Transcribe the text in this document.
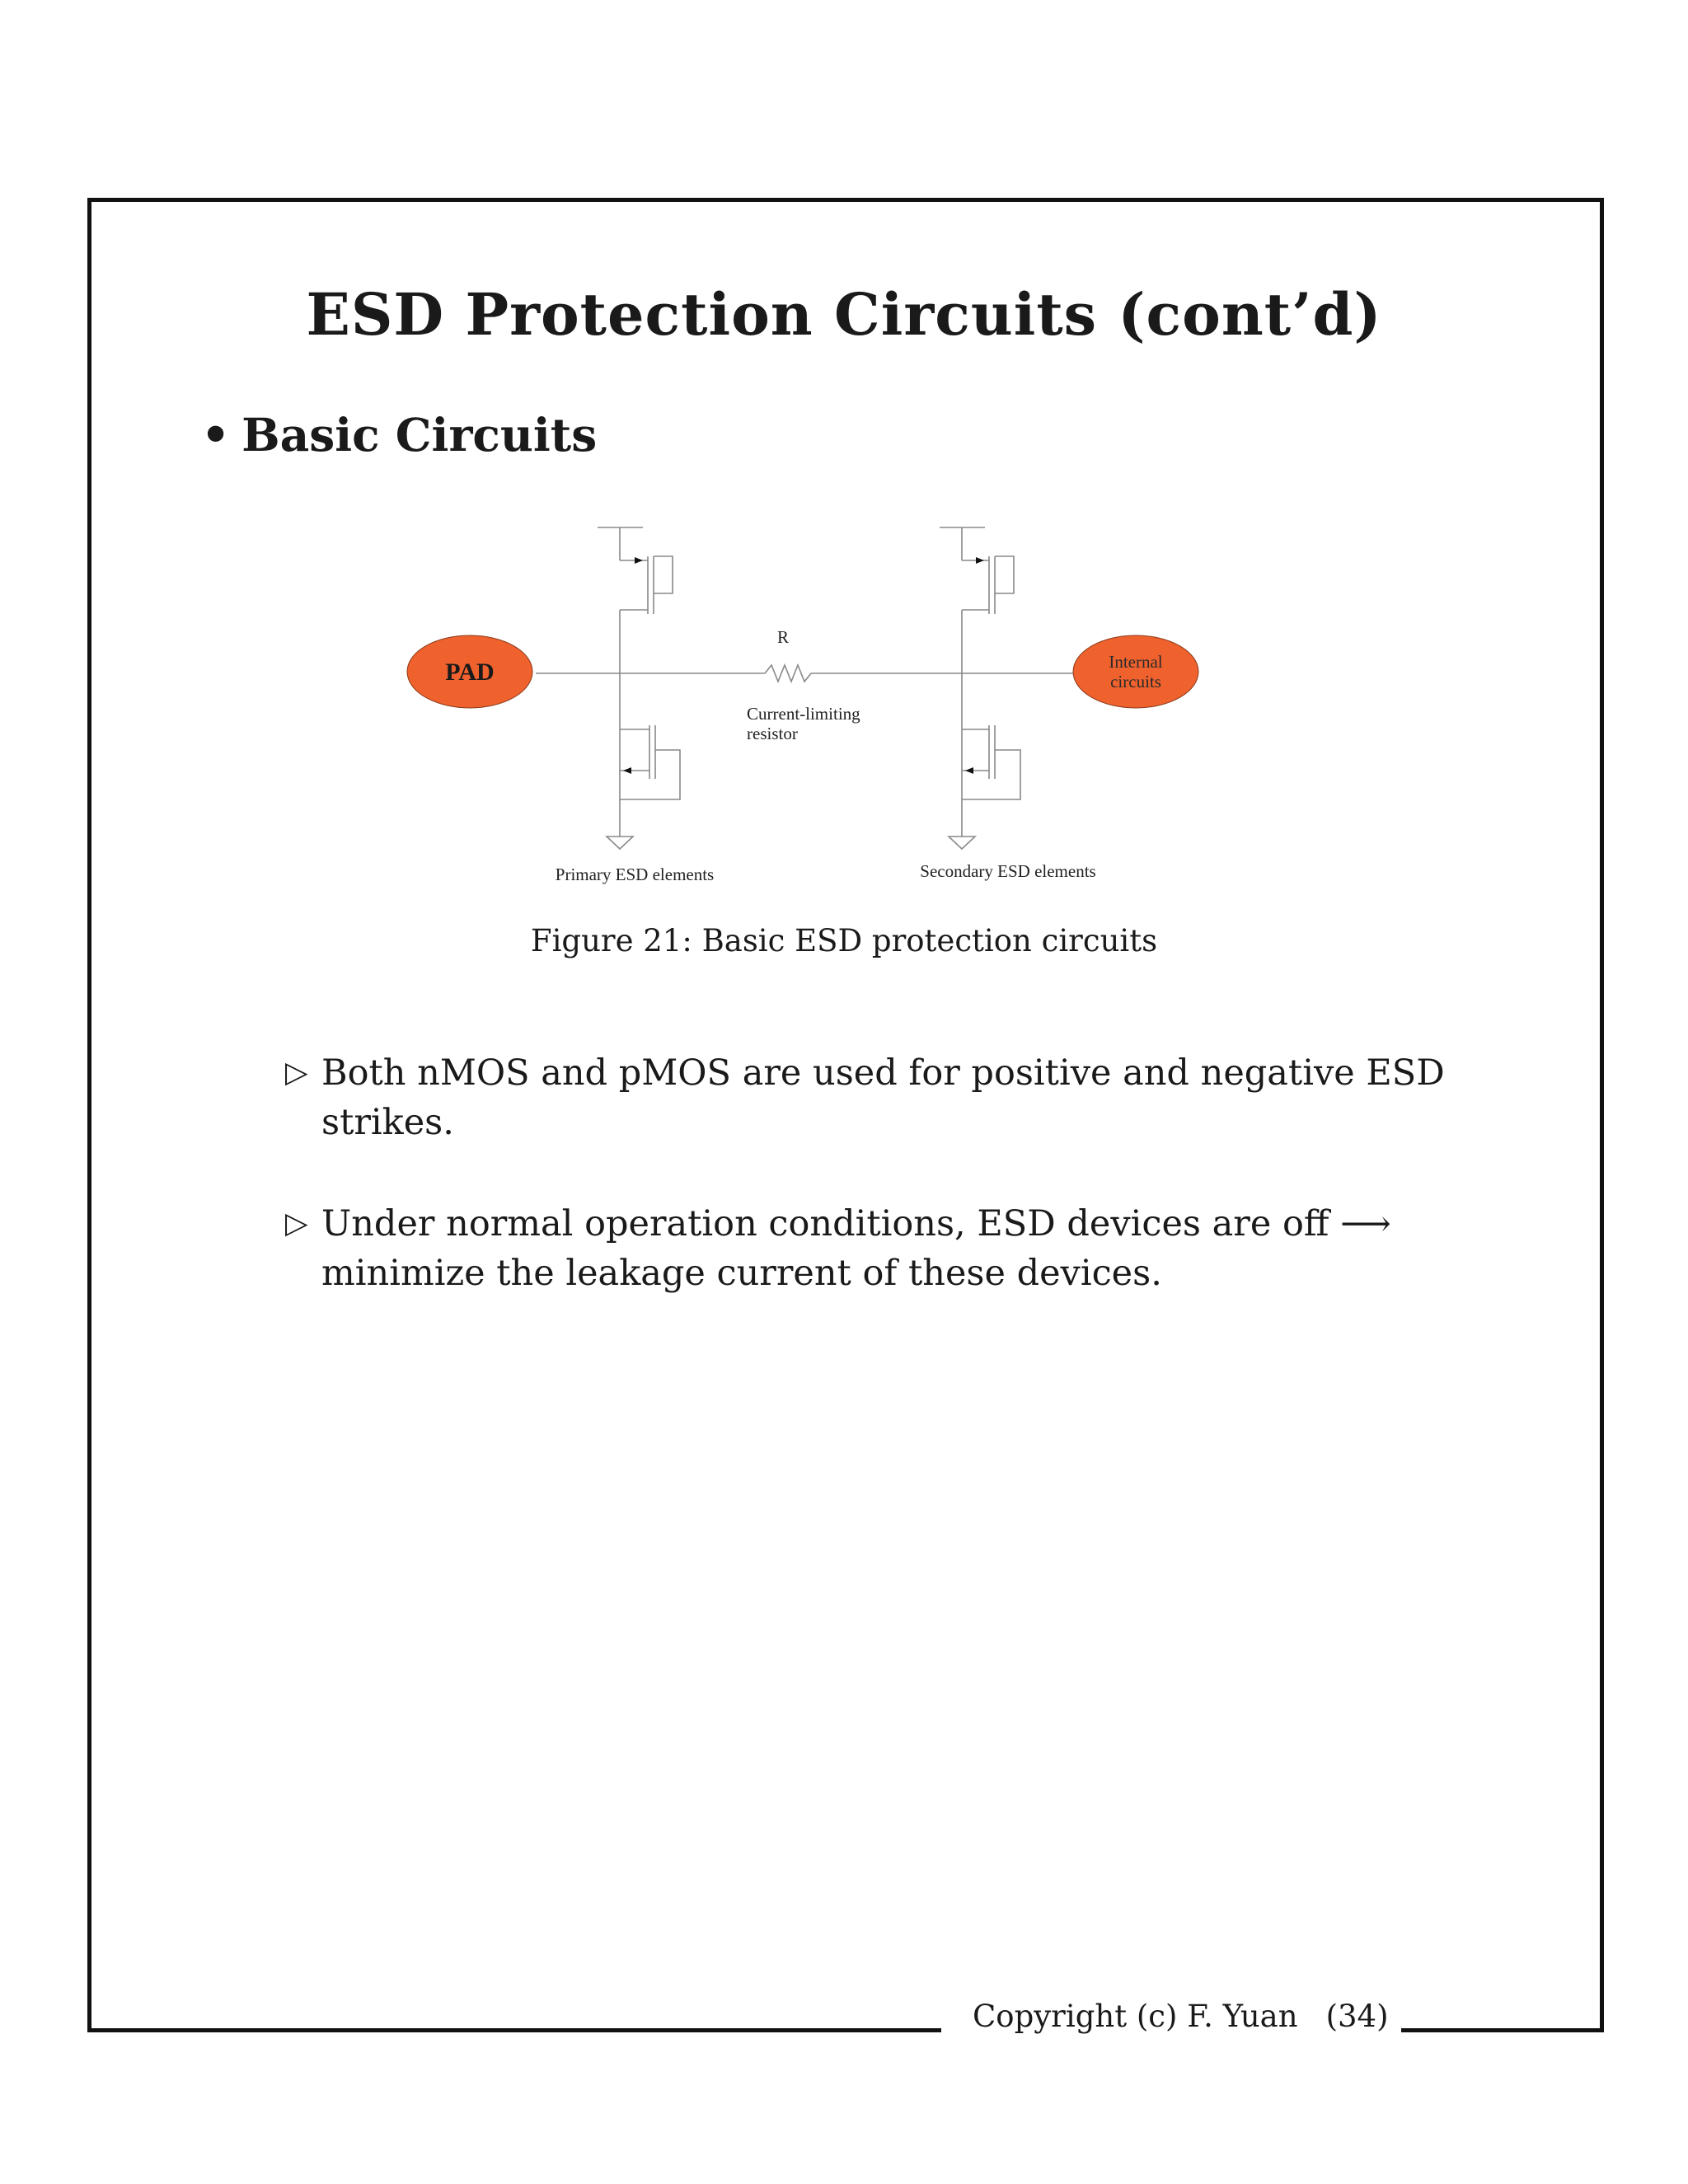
ESD Protection Circuits (cont’d)
• Basic Circuits
PAD	Internal
circuits
R
Current-limiting
resistor
Primary ESD elements	Secondary ESD elements
Figure 21: Basic ESD protection circuits
▷ Both nMOS and pMOS are used for positive and negative ESD strikes.
▷ Under normal operation conditions, ESD devices are off ⟶ minimize the leakage current of these devices.
Copyright (c) F. Yuan (34)
